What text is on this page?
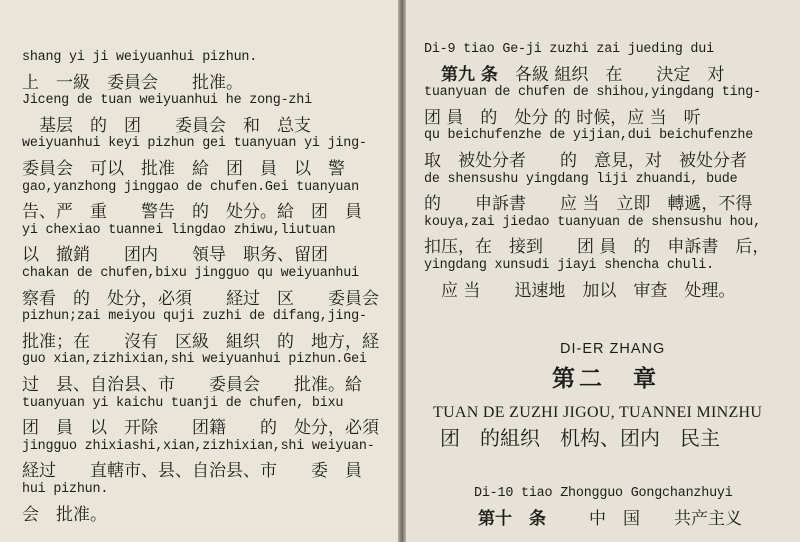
shang yi ji weiyuanhui pizhun.
上　一級　委員会　　批准。
Jiceng de tuan weiyuanhui he zong-zhi
　基层　的　团　　委員会　和　总支
weiyuanhui keyi pizhun gei tuanyuan yi jing-
委員会　可以　批准　給　团　員　以　警
gao,yanzhong jinggao de chufen.Gei tuanyuan
告、严　重　　警告　的　处分。給　团　員
yi chexiao tuannei lingdao zhiwu,liutuan
以　撤銷　　团内　　領导　职务、留团
chakan de chufen,bixu jingguo qu weiyuanhui
察看　的　处分，必須　　経过　区　　委員会
pizhun;zai meiyou quji zuzhi de difang,jing-
批准；在　　沒有　区級　組织　的　地方，経
guo xian,zizhixian,shi weiyuanhui pizhun.Gei
过　县、自治县、市　　委員会　　批准。給
tuanyuan yi kaichu tuanji de chufen, bixu
团　員　以　开除　　团籍　　的　处分，必須
jingguo zhixiashi,xian,zizhixian,shi weiyuan-
経过　　直轄市、县、自治县、市　　委　員
hui pizhun.
会　批准。
DI-ER ZHANG
第二　章
TUAN DE ZUZHI JIGOU, TUANNEI MINZHU
团　的組织　机构、团内　民主
Di-10 tiao Zhongguo Gongchanzhuyi
第十　条	中　国　　共产主义
Di-9 tiao Ge-ji zuzhi zai jueding dui
　第九 条　各級 組织　在　　決定　对
tuanyuan de chufen de shihou,yingdang ting-
团 員　的　处分 的 时候，应 当　听
qu beichufenzhe de yijian,dui beichufenzhe
取　被处分者　　的　意見，对　被处分者
de shensushu yingdang liji zhuandi, bude
的　　申訴書　　应 当　立即　轉遞，不得
kouya,zai jiedao tuanyuan de shensushu hou,
扣压，在　接到　　团 員　的　申訴書　后，
yingdang xunsudi jiayi shencha chuli.
　应 当　　迅速地　加以　审查　处理。
